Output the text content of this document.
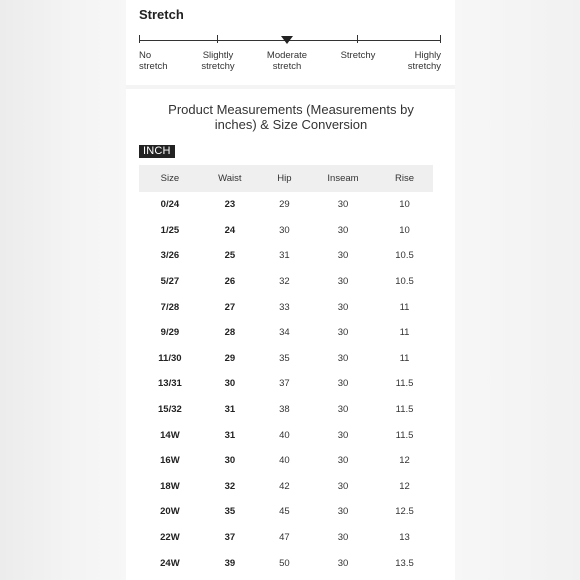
Stretch
No
stretch
Slightly
stretchy
Moderate
stretch
Stretchy	Highly
stretchy
Product Measurements (Measurements by inches) & Size Conversion
INCH
Size	Waist	Hip	Inseam	Rise
0/24	23	29	30	10
1/25	24	30	30	10
3/26	25	31	30	10.5
5/27	26	32	30	10.5
7/28	27	33	30	11
9/29	28	34	30	11
11/30	29	35	30	11
13/31	30	37	30	11.5
15/32	31	38	30	11.5
14W	31	40	30	11.5
16W	30	40	30	12
18W	32	42	30	12
20W	35	45	30	12.5
22W	37	47	30	13
24W	39	50	30	13.5
